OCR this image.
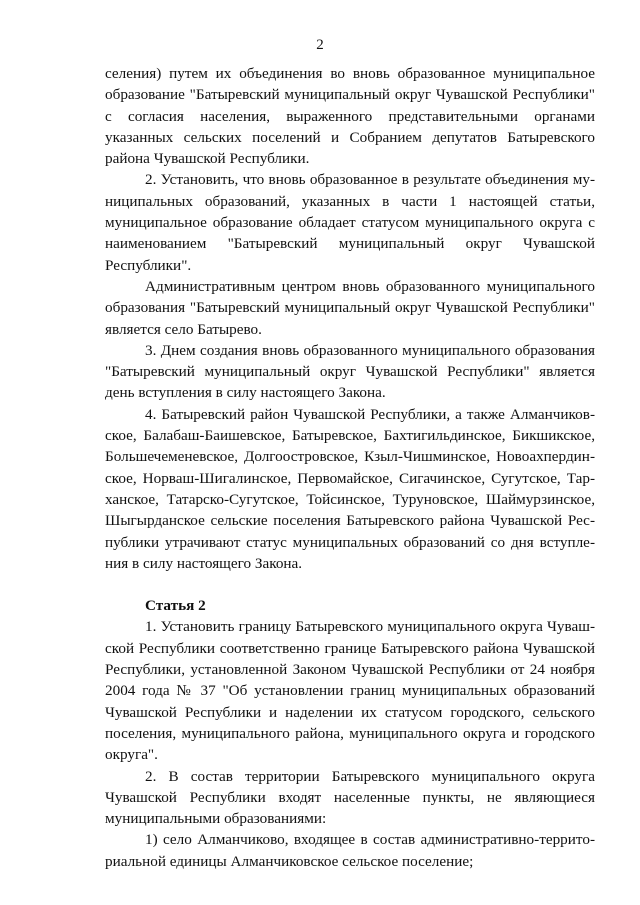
2

селения) путем их объединения во вновь образованное муниципальное образование "Батыревский муниципальный округ Чувашской Республики" с согласия населения, выраженного представительными органами указанных сельских поселений и Собранием депутатов Батыревского района Чувашской Республики.

2. Установить, что вновь образованное в результате объединения муниципальных образований, указанных в части 1 настоящей статьи, муниципальное образование обладает статусом муниципального округа с наименованием "Батыревский муниципальный округ Чувашской Республики".

Административным центром вновь образованного муниципального образования "Батыревский муниципальный округ Чувашской Республики" является село Батырево.

3. Днем создания вновь образованного муниципального образования "Батыревский муниципальный округ Чувашской Республики" является день вступления в силу настоящего Закона.

4. Батыревский район Чувашской Республики, а также Алманчиковское, Балабаш-Баишевское, Батыревское, Бахтигильдинское, Бикшикское, Большечеменевское, Долгоостровское, Кзыл-Чишминское, Новоахпердинское, Норваш-Шигалинское, Первомайское, Сигачинское, Сугутское, Тарханское, Татарско-Сугутское, Тойсинское, Туруновское, Шаймурзинское, Шыгырданское сельские поселения Батыревского района Чувашской Республики утрачивают статус муниципальных образований со дня вступления в силу настоящего Закона.

Статья 2

1. Установить границу Батыревского муниципального округа Чувашской Республики соответственно границе Батыревского района Чувашской Республики, установленной Законом Чувашской Республики от 24 ноября 2004 года № 37 "Об установлении границ муниципальных образований Чувашской Республики и наделении их статусом городского, сельского поселения, муниципального района, муниципального округа и городского округа".

2. В состав территории Батыревского муниципального округа Чувашской Республики входят населенные пункты, не являющиеся муниципальными образованиями:

1) село Алманчиково, входящее в состав административно-территориальной единицы Алманчиковское сельское поселение;
